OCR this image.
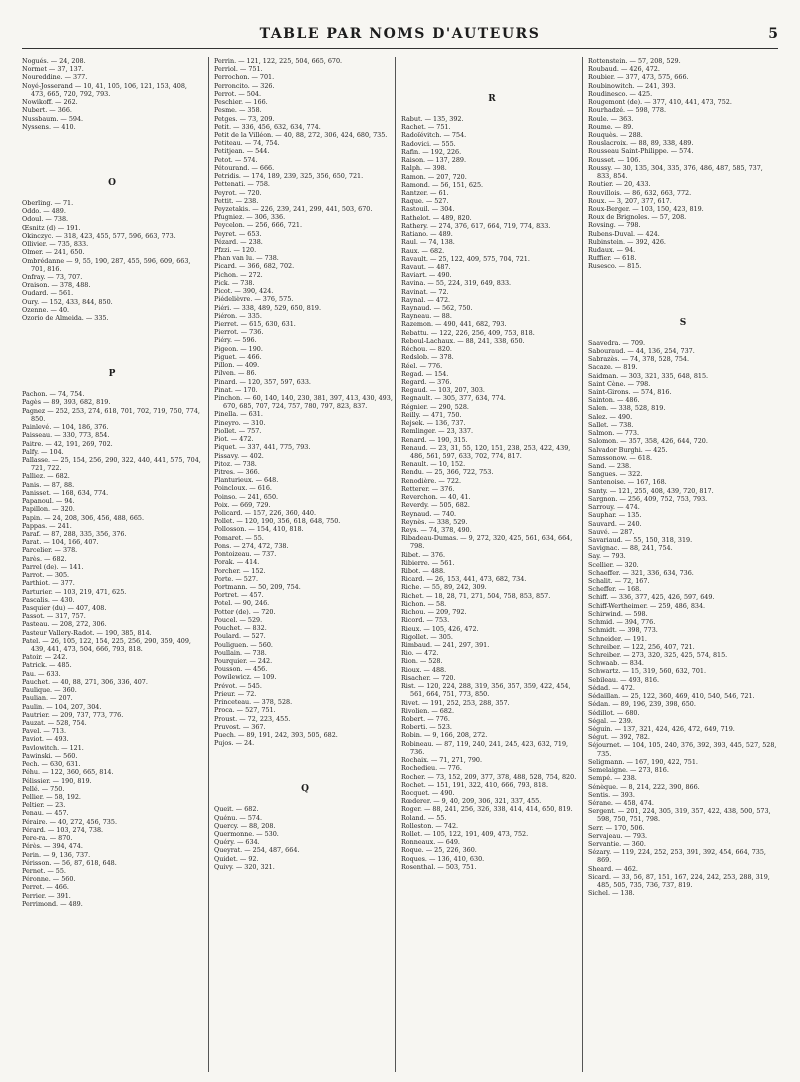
TABLE PAR NOMS D'AUTEURS	5
Nogués. — 24, 208.
Normet — 37, 137.
Noureddine. — 377.
Noyé-Josserand — 10, 41, 105, 106, 121, 153, 408, 473, 665, 720, 792, 793.
Nowikoff. — 262.
Nubert. — 366.
Nussbaum. — 594.
Nyssens. — 410.
O
Oberling. — 71.
Oddo. — 489.
Odoul. — 738.
Œsnitz (d) — 191.
Okinczyc. — 318, 423, 455, 577, 596, 663, 773.
Ollivier. — 735, 833.
Olmer. — 241, 650.
Ombrédanne — 9, 55, 190, 287, 455, 596, 609, 663, 701, 816.
Onfray. — 73, 707.
Oraison. — 378, 488.
Oudard. — 561.
Oury. — 152, 433, 844, 850.
Ozenne. — 40.
Ozorio de Almeida. — 335.
P
Pachon. — 74, 754.
Pagès — 89, 393, 682, 819.
Pagnez — 252, 253, 274, 618, 701, 702, 719, 750, 774, 850.
Painlevé. — 104, 186, 376.
Paisseau. — 330, 773, 854.
Paitre. — 42, 191, 269, 702.
Palfy. — 104.
Pallasse. — 25, 154, 256, 290, 322, 440, 441, 575, 704, 721, 722.
Palliez. — 682.
Panis. — 87, 88.
Panisset. — 168, 634, 774.
Papanoul. — 94.
Papillon. — 320.
Papin. — 24, 208, 306, 456, 488, 665.
Pappas. — 241.
Paraf. — 87, 288, 335, 356, 376.
Parat. — 104, 166, 407.
Parcelier. — 378.
Parès. — 682.
Parrel (de). — 141.
Parrot. — 305.
Parthiot. — 377.
Parturier. — 103, 219, 471, 625.
Pascalis. — 430.
Pasquier (du) — 407, 408.
Passot. — 317, 757.
Pasteau. — 208, 272, 306.
Pasteur Vallery-Radot. — 190, 385, 814.
Patel. — 26, 105, 122, 154, 225, 256, 290, 359, 409, 439, 441, 473, 504, 666, 793, 818.
Patoir. — 242.
Patrick. — 485.
Pau. — 633.
Pauchet. — 40, 88, 271, 306, 336, 407.
Paulique. — 360.
Paulian. — 207.
Paulin. — 104, 207, 304.
Pautrier. — 209, 737, 773, 776.
Pauzat. — 528, 754.
Pavel. — 713.
Paviot. — 493.
Pavlowitch. — 121.
Pawinski. — 560.
Pech. — 630, 631.
Péhu. — 122, 360, 665, 814.
Pélissier. — 190, 819.
Pellé. — 750.
Pellier. — 58, 192.
Peltier. — 23.
Penau. — 457.
Péraire. — 40, 272, 456, 735.
Pérard. — 103, 274, 738.
Pere-ra. — 870.
Pérès. — 394, 474.
Perin. — 9, 136, 737.
Périsson. — 56, 87, 618, 648.
Pernet. — 55.
Péronne. — 560.
Perret. — 466.
Perrier. — 391.
Perrimond. — 489.
Perrin. — 121, 122, 225, 504, 665, 670.
Perriol. — 751.
Perrochon. — 701.
Perroncito. — 326.
Perrot. — 504.
Peschier. — 166.
Pesme. — 358.
Petges. — 73, 209.
Petit. — 336, 456, 632, 634, 774.
Petit de la Villéon. — 40, 88, 272, 306, 424, 680, 735.
Petiteau. — 74, 754.
Petitjean. — 544.
Petot. — 574.
Pétourand. — 666.
Petridis. — 174, 189, 239, 325, 356, 650, 721.
Pettenati. — 758.
Peyrot. — 720.
Pettit. — 238.
Peyzetakis. — 226, 239, 241, 299, 441, 503, 670.
Pfugniez. — 306, 336.
Peycelon. — 256, 666, 721.
Peyret. — 653.
Pézard. — 238.
Pfzzi. — 120.
Phan van lu. — 738.
Picard. — 366, 682, 702.
Pichon. — 272.
Pick. — 738.
Picot. — 390, 424.
Piédelièvre. — 376, 575.
Piéri. — 338, 489, 529, 650, 819.
Piéron. — 335.
Pierret. — 615, 630, 631.
Pierrot. — 736.
Piéry. — 596.
Pigeon. — 190.
Piguet. — 466.
Pillon. — 409.
Pilven. — 86.
Pinard. — 120, 357, 597, 633.
Pinat. — 170.
Pinchon. — 60, 140, 140, 230, 381, 397, 413, 430, 493, 670, 685, 707, 724, 757, 780, 797, 823, 837.
Pinella. — 631.
Pineyro. — 310.
Piollet. — 757.
Piot. — 472.
Piquet. — 337, 441, 775, 793.
Pissavy. — 402.
Pitoz. — 738.
Pitres. — 366.
Planturieux. — 648.
Poincloux. — 616.
Poinso. — 241, 650.
Poix. — 669, 729.
Policard. — 157, 226, 360, 440.
Pollet. — 120, 190, 356, 618, 648, 750.
Pollosson. — 154, 410, 818.
Pomaret. — 55.
Pons. — 274, 472, 738.
Pontoizeau. — 737.
Porak. — 414.
Porcher. — 152.
Porte. — 527.
Portmann. — 50, 209, 754.
Portret. — 457.
Potel. — 90, 246.
Potter (de). — 720.
Poucel. — 529.
Pouchet. — 832.
Poulard. — 527.
Pouliguen. — 560.
Poullain. — 738.
Pourquier. — 242.
Pousson. — 456.
Powilewicz. — 109.
Prévot. — 545.
Prieur. — 72.
Princeteau. — 378, 528.
Proca. — 527, 751.
Proust. — 72, 223, 455.
Pruvost. — 367.
Puech. — 89, 191, 242, 393, 505, 682.
Pujos. — 24.
Q
Queit. — 682.
Quénu. — 574.
Quercy. — 88, 208.
Quermonne. — 530.
Quéry. — 634.
Queyrat. — 254, 487, 664.
Quidet. — 92.
Quivy. — 320, 321.
R
Rabut. — 135, 392.
Rachet. — 751.
Radoïévitch. — 754.
Radovici. — 555.
Rafin. — 192, 226.
Raison. — 137, 289.
Ralph. — 398.
Ramon. — 207, 720.
Ramond. — 56, 151, 625.
Rantzer. — 61.
Raque. — 527.
Rastouil. — 304.
Rathelot. — 489, 820.
Rathery. — 274, 376, 617, 664, 719, 774, 833.
Ratiano. — 489.
Raul. — 74, 138.
Raux. — 682.
Ravault. — 25, 122, 409, 575, 704, 721.
Ravaut. — 487.
Raviart. — 490.
Ravina. — 55, 224, 319, 649, 833.
Ravinat. — 72.
Raynal. — 472.
Raynaud. — 562, 750.
Rayneau. — 88.
Razemon. — 490, 441, 682, 793.
Rebattu. — 122, 226, 256, 409, 753, 818.
Reboul-Lachaux. — 88, 241, 338, 650.
Réchou. — 820.
Redslob. — 378.
Réel. — 776.
Regad. — 154.
Regard. — 376.
Regaud. — 103, 207, 303.
Regnault. — 305, 377, 634, 774.
Régnier. — 290, 528.
Reilly. — 471, 750.
Rejsek. — 136, 737.
Remlinger. — 23, 337.
Renard. — 190, 315.
Renaud. — 23, 31, 55, 120, 151, 238, 253, 422, 439, 486, 561, 597, 633, 702, 774, 817.
Renault. — 10, 152.
Rendu. — 25, 366, 722, 753.
Renodière. — 722.
Retterer. — 376.
Reverchon. — 40, 41.
Reverdy. — 505, 682.
Reynaud. — 740.
Reynès. — 338, 529.
Reys. — 74, 378, 490.
Ribadeau-Dumas. — 9, 272, 320, 425, 561, 634, 664, 798.
Ribet. — 376.
Ribierre. — 561.
Ribot. — 488.
Ricard. — 26, 153, 441, 473, 682, 734.
Riche. — 55, 89, 242, 309.
Richet. — 18, 28, 71, 271, 504, 758, 853, 857.
Richon. — 58.
Richou. — 209, 792.
Ricord. — 753.
Rieux. — 105, 426, 472.
Rigollet. — 305.
Rimbaud. — 241, 297, 391.
Rio. — 472.
Rion. — 528.
Rioux. — 488.
Risacher. — 720.
Rist. — 120, 224, 288, 319, 356, 357, 359, 422, 454, 561, 664, 751, 773, 850.
Rivet. — 191, 252, 253, 288, 357.
Rivolien. — 682.
Robert. — 776.
Roberti. — 523.
Robin. — 9, 166, 208, 272.
Robineau. — 87, 119, 240, 241, 245, 423, 632, 719, 736.
Rochaix. — 71, 271, 790.
Rochedieu. — 776.
Rocher. — 73, 152, 209, 377, 378, 488, 528, 754, 820.
Rochet. — 151, 191, 322, 410, 666, 793, 818.
Rocquet. — 490.
Rœderer. — 9, 40, 209, 306, 321, 337, 455.
Roger. — 88, 241, 256, 326, 338, 414, 414, 650, 819.
Roland. — 55.
Rolleston. — 742.
Rollet. — 105, 122, 191, 409, 473, 752.
Ronneaux. — 649.
Roque. — 25, 226, 360.
Roques. — 136, 410, 630.
Rosenthal. — 503, 751.
Rottenstein. — 57, 208, 529.
Roubaud. — 426, 472.
Roubier. — 377, 473, 575, 666.
Roubinowitch. — 241, 393.
Roudinesco. — 425.
Rougemont (de). — 377, 410, 441, 473, 752.
Rourhadzé. — 598, 778.
Roule. — 363.
Roume. — 89.
Rouquès. — 288.
Rouslacroix. — 88, 89, 338, 489.
Rousseau Saint-Philippe. — 574.
Rousset. — 106.
Roussy. — 30, 135, 304, 335, 376, 486, 487, 585, 737, 833, 854.
Routier. — 20, 433.
Rouvillois. — 86, 632, 663, 772.
Roux. — 3, 207, 377, 617.
Roux-Berger. — 103, 150, 423, 819.
Roux de Brignoles. — 57, 208.
Rovsing. — 798.
Rubens-Duval. — 424.
Rubinstein. — 392, 426.
Rudaux. — 94.
Ruffier. — 618.
Rusesco. — 815.
S
Saavedra. — 709.
Sabouraud. — 44, 136, 254, 737.
Sabrazès. — 74, 378, 528, 754.
Sacaze. — 819.
Saidman. — 303, 321, 335, 648, 815.
Saint Cène. — 798.
Saint-Girons. — 574, 816.
Sainton. — 486.
Salen. — 338, 528, 819.
Salez. — 490.
Sallet. — 738.
Salmon. — 773.
Salomon. — 357, 358, 426, 644, 720.
Salvador Burghi. — 425.
Samssonow. — 618.
Sand. — 238.
Sangues. — 322.
Santenoise. — 167, 168.
Santy. — 121, 255, 408, 439, 720, 817.
Sargnon. — 256, 409, 752, 753, 793.
Sarrouy. — 474.
Sauphar. — 135.
Sauvard. — 240.
Sauvé. — 287.
Savariaud. — 55, 150, 318, 319.
Savignac. — 88, 241, 754.
Say. — 793.
Scellier. — 320.
Schaeffer. — 321, 336, 634, 736.
Schalit. — 72, 167.
Scheffer. — 168.
Schiff. — 336, 377, 425, 426, 597, 649.
Schiff-Wertheimer. — 259, 486, 834.
Schirwind. — 598.
Schmid. — 394, 776.
Schmidt. — 398, 773.
Schneider. — 191.
Schreiber. — 122, 256, 407, 721.
Schreiber. — 273, 320, 325, 425, 574, 815.
Schwaab. — 834.
Schwartz. — 15, 319, 560, 632, 701.
Sebileau. — 493, 816.
Sédad. — 472.
Sédaillan. — 25, 122, 360, 469, 410, 540, 546, 721.
Sédan. — 89, 196, 239, 398, 650.
Sédillot. — 680.
Ségal. — 239.
Séguin. — 137, 321, 424, 426, 472, 649, 719.
Ségut. — 392, 782.
Séjournet. — 104, 105, 240, 376, 392, 393, 445, 527, 528, 735.
Seligmann. — 167, 190, 422, 751.
Semelaigne. — 273, 816.
Sempé. — 238.
Sénèque. — 8, 214, 222, 390, 866.
Sentis. — 393.
Sérane. — 458, 474.
Sergent. — 201, 224, 305, 319, 357, 422, 438, 500, 573, 598, 750, 751, 798.
Serr. — 170, 506.
Servajeau. — 793.
Servantie. — 360.
Sézary. — 119, 224, 252, 253, 391, 392, 454, 664, 735, 869.
Sheard. — 462.
Sicard. — 33, 56, 87, 151, 167, 224, 242, 253, 288, 319, 485, 505, 735, 736, 737, 819.
Sichel. — 138.
